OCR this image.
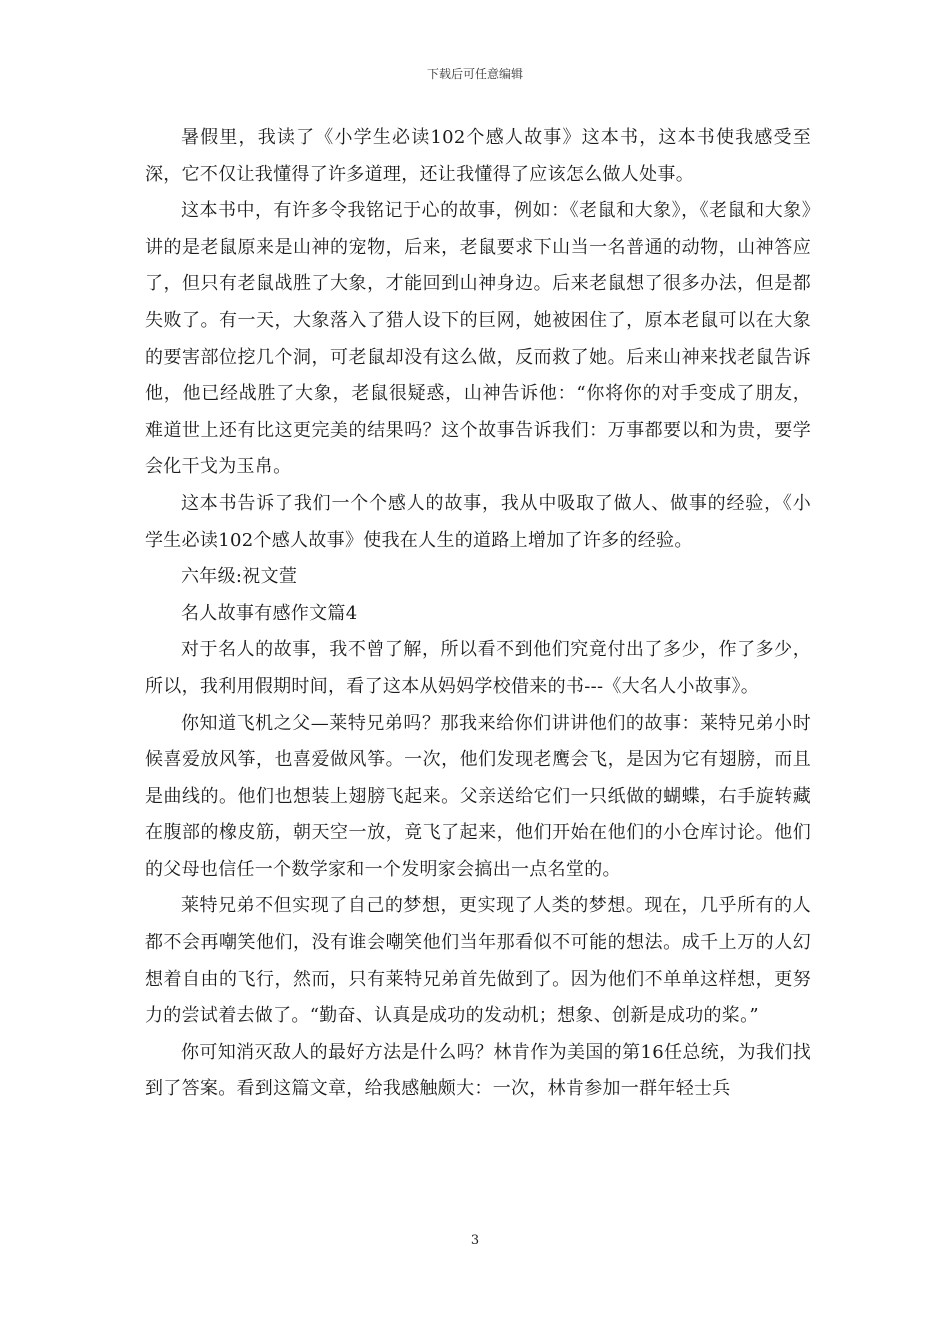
下载后可任意编辑

暑假里，我读了《小学生必读102个感人故事》这本书，这本书使我感受至深，它不仅让我懂得了许多道理，还让我懂得了应该怎么做人处事。

这本书中，有许多令我铭记于心的故事，例如：《老鼠和大象》，《老鼠和大象》讲的是老鼠原来是山神的宠物，后来，老鼠要求下山当一名普通的动物，山神答应了，但只有老鼠战胜了大象，才能回到山神身边。后来老鼠想了很多办法，但是都失败了。有一天，大象落入了猎人设下的巨网，她被困住了，原本老鼠可以在大象的要害部位挖几个洞，可老鼠却没有这么做，反而救了她。后来山神来找老鼠告诉他，他已经战胜了大象，老鼠很疑惑，山神告诉他：“你将你的对手变成了朋友，难道世上还有比这更完美的结果吗？这个故事告诉我们：万事都要以和为贵，要学会化干戈为玉帛。

这本书告诉了我们一个个感人的故事，我从中吸取了做人、做事的经验，《小学生必读102个感人故事》使我在人生的道路上增加了许多的经验。

六年级:祝文萱

名人故事有感作文篇4

对于名人的故事，我不曾了解，所以看不到他们究竟付出了多少，作了多少，所以，我利用假期时间，看了这本从妈妈学校借来的书---《大名人小故事》。

你知道飞机之父—莱特兄弟吗？那我来给你们讲讲他们的故事：莱特兄弟小时候喜爱放风筝，也喜爱做风筝。一次，他们发现老鹰会飞，是因为它有翅膀，而且是曲线的。他们也想装上翅膀飞起来。父亲送给它们一只纸做的蝴蝶，右手旋转藏在腹部的橡皮筋，朝天空一放，竟飞了起来，他们开始在他们的小仓库讨论。他们的父母也信任一个数学家和一个发明家会搞出一点名堂的。

莱特兄弟不但实现了自己的梦想，更实现了人类的梦想。现在，几乎所有的人都不会再嘲笑他们，没有谁会嘲笑他们当年那看似不可能的想法。成千上万的人幻想着自由的飞行，然而，只有莱特兄弟首先做到了。因为他们不单单这样想，更努力的尝试着去做了。“勤奋、认真是成功的发动机；想象、创新是成功的桨。”

你可知消灭敌人的最好方法是什么吗？林肯作为美国的第16任总统，为我们找到了答案。看到这篇文章，给我感触颇大：一次，林肯参加一群年轻士兵

3
